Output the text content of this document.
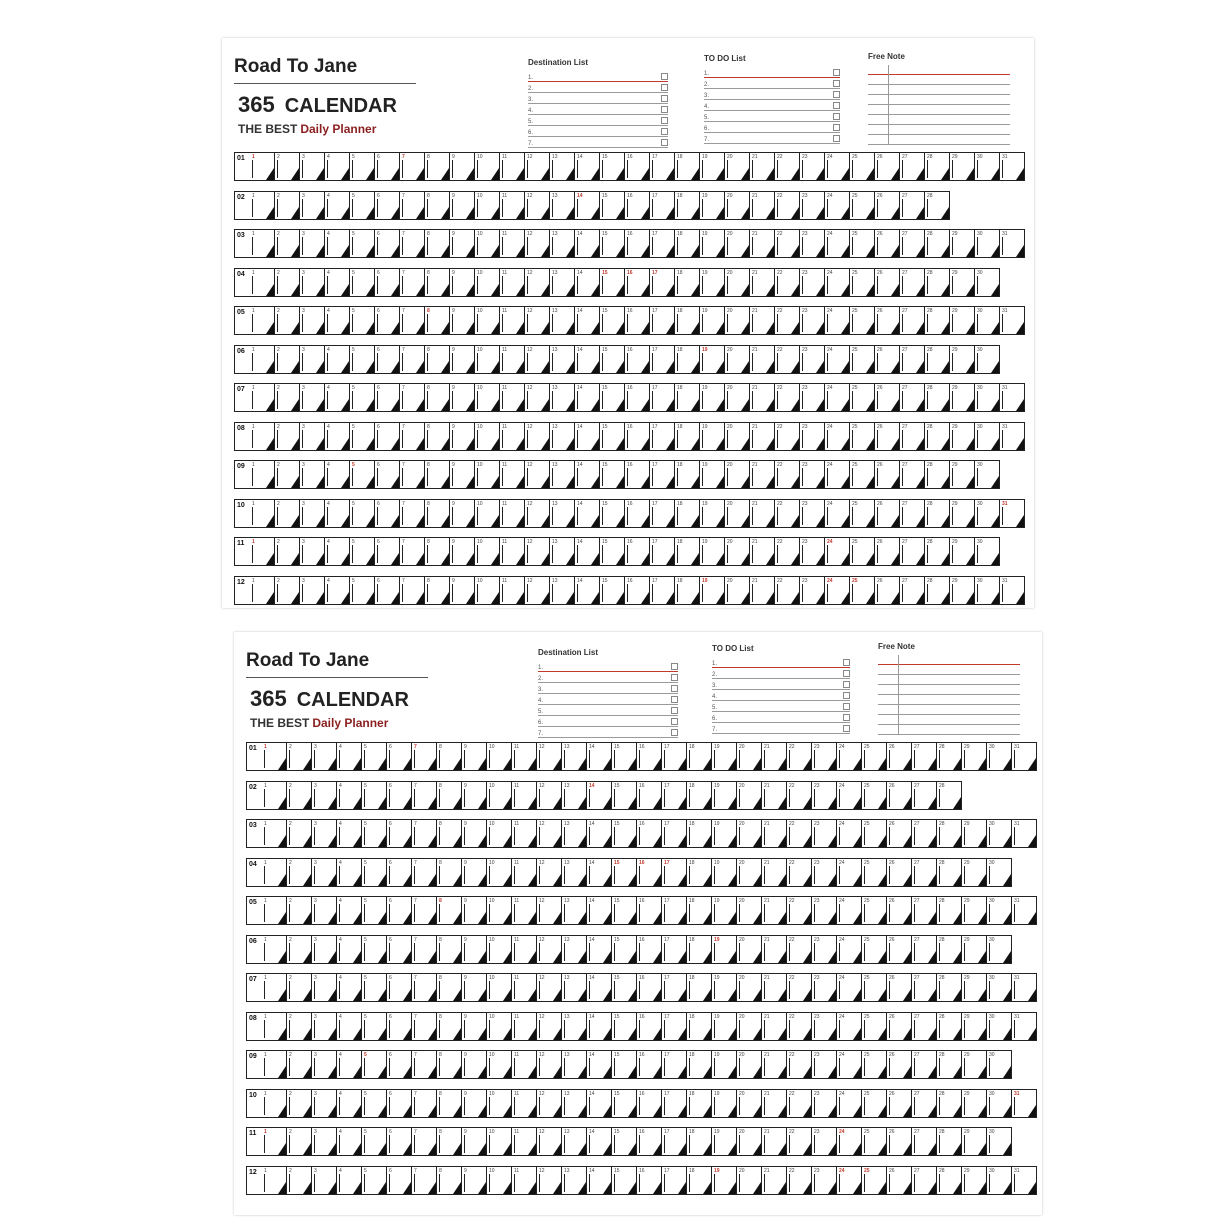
Road To Jane
365 CALENDAR
THE BEST Daily Planner
Destination List
1.
2.
3.
4.
5.
6.
7.
TO DO List
1.
2.
3.
4.
5.
6.
7.
Free Note
01 1	2	3	4	5	6	7	8	9	10	11	12	13	14	15	16	17	18	19	20	21	22	23	24	25	26	27	28	29	30	31
02 1	2	3	4	5	6	7	8	9	10	11	12	13	14	15	16	17	18	19	20	21	22	23	24	25	26	27	28
03 1	2	3	4	5	6	7	8	9	10	11	12	13	14	15	16	17	18	19	20	21	22	23	24	25	26	27	28	29	30	31
04 1	2	3	4	5	6	7	8	9	10	11	12	13	14	15	16	17	18	19	20	21	22	23	24	25	26	27	28	29	30
05 1	2	3	4	5	6	7	8	9	10	11	12	13	14	15	16	17	18	19	20	21	22	23	24	25	26	27	28	29	30	31
06 1	2	3	4	5	6	7	8	9	10	11	12	13	14	15	16	17	18	19	20	21	22	23	24	25	26	27	28	29	30
07 1	2	3	4	5	6	7	8	9	10	11	12	13	14	15	16	17	18	19	20	21	22	23	24	25	26	27	28	29	30	31
08 1	2	3	4	5	6	7	8	9	10	11	12	13	14	15	16	17	18	19	20	21	22	23	24	25	26	27	28	29	30	31
09 1	2	3	4	5	6	7	8	9	10	11	12	13	14	15	16	17	18	19	20	21	22	23	24	25	26	27	28	29	30
10 1	2	3	4	5	6	7	8	9	10	11	12	13	14	15	16	17	18	19	20	21	22	23	24	25	26	27	28	29	30	31
11 1	2	3	4	5	6	7	8	9	10	11	12	13	14	15	16	17	18	19	20	21	22	23	24	25	26	27	28	29	30
12 1	2	3	4	5	6	7	8	9	10	11	12	13	14	15	16	17	18	19	20	21	22	23	24	25	26	27	28	29	30	31
Road To Jane
365 CALENDAR
THE BEST Daily Planner
Destination List
1.
2.
3.
4.
5.
6.
7.
TO DO List
1.
2.
3.
4.
5.
6.
7.
Free Note
01 1	2	3	4	5	6	7	8	9	10	11	12	13	14	15	16	17	18	19	20	21	22	23	24	25	26	27	28	29	30	31
02 1	2	3	4	5	6	7	8	9	10	11	12	13	14	15	16	17	18	19	20	21	22	23	24	25	26	27	28
03 1	2	3	4	5	6	7	8	9	10	11	12	13	14	15	16	17	18	19	20	21	22	23	24	25	26	27	28	29	30	31
04 1	2	3	4	5	6	7	8	9	10	11	12	13	14	15	16	17	18	19	20	21	22	23	24	25	26	27	28	29	30
05 1	2	3	4	5	6	7	8	9	10	11	12	13	14	15	16	17	18	19	20	21	22	23	24	25	26	27	28	29	30	31
06 1	2	3	4	5	6	7	8	9	10	11	12	13	14	15	16	17	18	19	20	21	22	23	24	25	26	27	28	29	30
07 1	2	3	4	5	6	7	8	9	10	11	12	13	14	15	16	17	18	19	20	21	22	23	24	25	26	27	28	29	30	31
08 1	2	3	4	5	6	7	8	9	10	11	12	13	14	15	16	17	18	19	20	21	22	23	24	25	26	27	28	29	30	31
09 1	2	3	4	5	6	7	8	9	10	11	12	13	14	15	16	17	18	19	20	21	22	23	24	25	26	27	28	29	30
10 1	2	3	4	5	6	7	8	9	10	11	12	13	14	15	16	17	18	19	20	21	22	23	24	25	26	27	28	29	30	31
11 1	2	3	4	5	6	7	8	9	10	11	12	13	14	15	16	17	18	19	20	21	22	23	24	25	26	27	28	29	30
12 1	2	3	4	5	6	7	8	9	10	11	12	13	14	15	16	17	18	19	20	21	22	23	24	25	26	27	28	29	30	31
